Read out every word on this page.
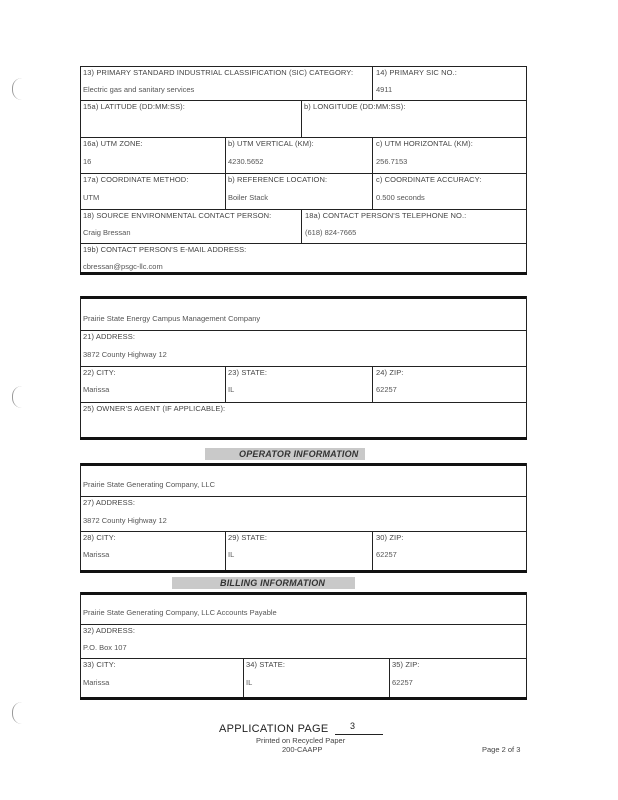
13) PRIMARY STANDARD INDUSTRIAL CLASSIFICATION (SIC) CATEGORY:
Electric gas and sanitary services
14) PRIMARY SIC NO.:
4911
15a) LATITUDE (DD:MM:SS):	b) LONGITUDE (DD:MM:SS):
16a) UTM ZONE:
16
b) UTM VERTICAL (KM):
4230.5652
c) UTM HORIZONTAL (KM):
256.7153
17a) COORDINATE METHOD:
UTM
b) REFERENCE LOCATION:
Boiler Stack
c) COORDINATE ACCURACY:
0.500 seconds
18) SOURCE ENVIRONMENTAL CONTACT PERSON:
Craig Bressan
18a) CONTACT PERSON'S TELEPHONE NO.:
(618) 824-7665
19b) CONTACT PERSON'S E-MAIL ADDRESS:
cbressan@psgc-llc.com
Prairie State Energy Campus Management Company
21) ADDRESS:
3872 County Highway 12
22) CITY:
Marissa
23) STATE:
IL
24) ZIP:
62257
25) OWNER'S AGENT (IF APPLICABLE):
OPERATOR INFORMATION
Prairie State Generating Company, LLC
27) ADDRESS:
3872 County Highway 12
28) CITY:
Marissa
29) STATE:
IL
30) ZIP:
62257
BILLING INFORMATION
Prairie State Generating Company, LLC Accounts Payable
32) ADDRESS:
P.O. Box 107
33) CITY:
Marissa
34) STATE:
IL
35) ZIP:
62257
APPLICATION PAGE 3
Printed on Recycled Paper
200-CAAPP	Page 2 of 3
